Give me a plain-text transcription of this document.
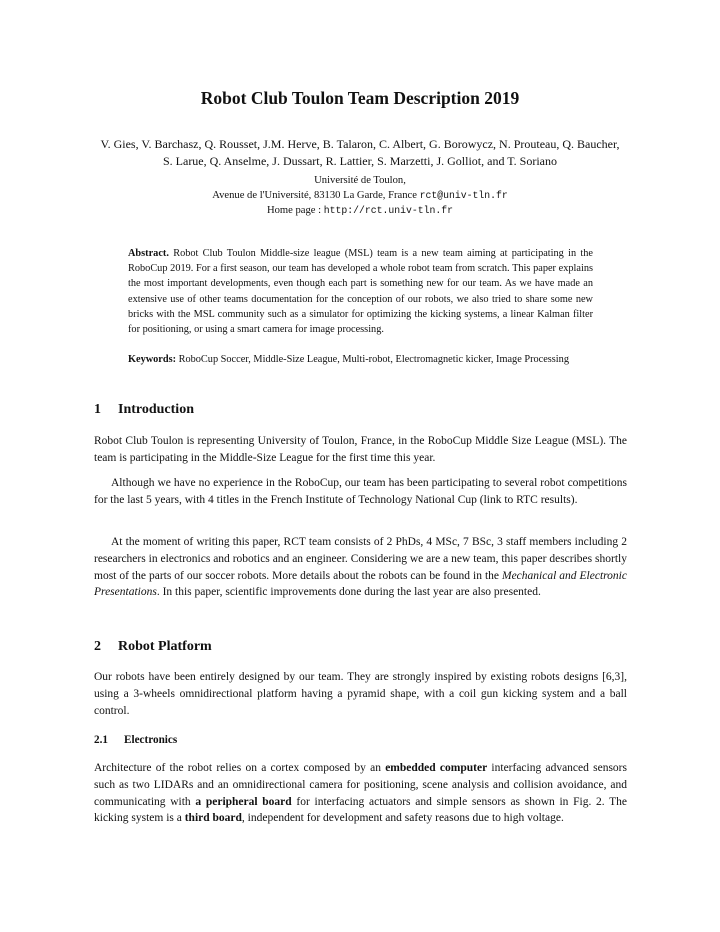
Robot Club Toulon Team Description 2019

V. Gies, V. Barchasz, Q. Rousset, J.M. Herve, B. Talaron, C. Albert, G. Borowycz, N. Prouteau, Q. Baucher, S. Larue, Q. Anselme, J. Dussart, R. Lattier, S. Marzetti, J. Golliot, and T. Soriano

Université de Toulon,
Avenue de l'Université, 83130 La Garde, France rct@univ-tln.fr
Home page : http://rct.univ-tln.fr

Abstract. Robot Club Toulon Middle-size league (MSL) team is a new team aiming at participating in the RoboCup 2019. For a first season, our team has developed a whole robot team from scratch. This paper explains the most important developments, even though each part is something new for our team. As we have made an extensive use of other teams documentation for the conception of our robots, we also tried to share some new bricks with the MSL community such as a simulator for optimizing the kicking systems, a linear Kalman filter for positioning, or using a smart camera for image processing.

Keywords: RoboCup Soccer, Middle-Size League, Multi-robot, Electromagnetic kicker, Image Processing

1 Introduction

Robot Club Toulon is representing University of Toulon, France, in the RoboCup Middle Size League (MSL). The team is participating in the Middle-Size League for the first time this year.

Although we have no experience in the RoboCup, our team has been participating to several robot competitions for the last 5 years, with 4 titles in the French Institute of Technology National Cup (link to RTC results).

At the moment of writing this paper, RCT team consists of 2 PhDs, 4 MSc, 7 BSc, 3 staff members including 2 researchers in electronics and robotics and an engineer. Considering we are a new team, this paper describes shortly most of the parts of our soccer robots. More details about the robots can be found in the Mechanical and Electronic Presentations. In this paper, scientific improvements done during the last year are also presented.

2 Robot Platform

Our robots have been entirely designed by our team. They are strongly inspired by existing robots designs [6,3], using a 3-wheels omnidirectional platform having a pyramid shape, with a coil gun kicking system and a ball control.

2.1 Electronics

Architecture of the robot relies on a cortex composed by an embedded computer interfacing advanced sensors such as two LIDARs and an omnidirectional camera for positioning, scene analysis and collision avoidance, and communicating with a peripheral board for interfacing actuators and simple sensors as shown in Fig. 2. The kicking system is a third board, independent for development and safety reasons due to high voltage.
